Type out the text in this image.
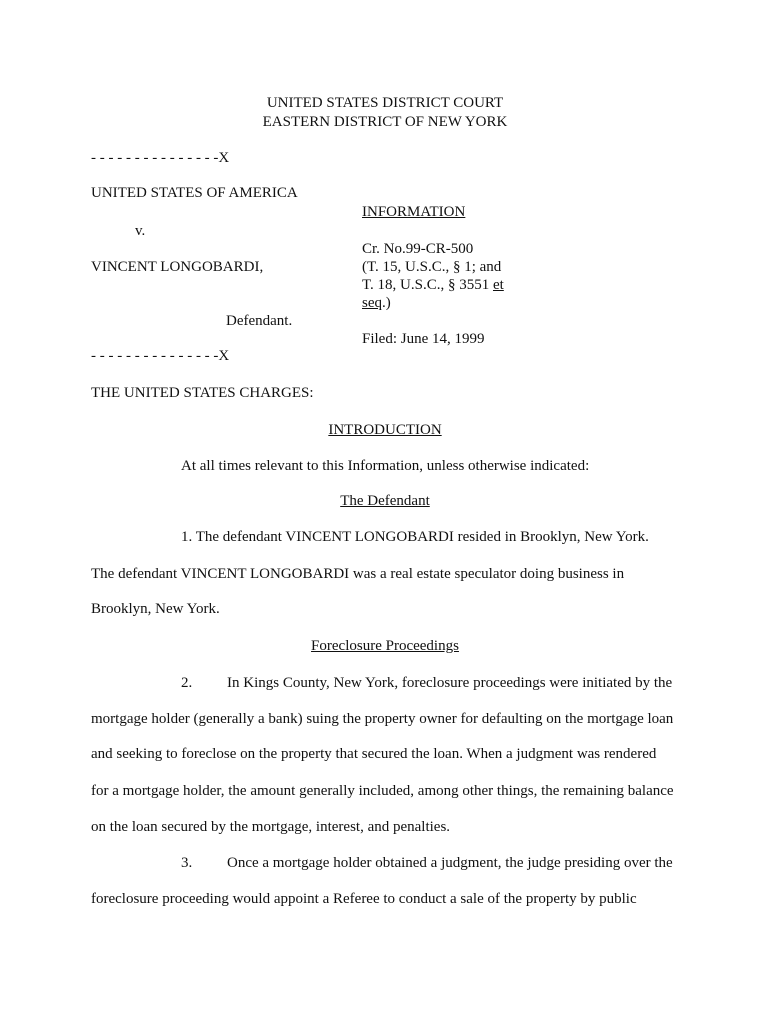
UNITED STATES DISTRICT COURT
EASTERN DISTRICT OF NEW YORK
- - - - - - - - - - - - - - -X
UNITED STATES OF AMERICA
v.
VINCENT LONGOBARDI,
Defendant.
- - - - - - - - - - - - - - -X
INFORMATION
Cr. No.99-CR-500
(T. 15, U.S.C., § 1; and
T. 18, U.S.C., § 3551 et
seq.)
Filed: June 14, 1999
THE UNITED STATES CHARGES:
INTRODUCTION
At all times relevant to this Information, unless otherwise indicated:
The Defendant
1. The defendant VINCENT LONGOBARDI resided in Brooklyn, New York.
The defendant VINCENT LONGOBARDI was a real estate speculator doing business in
Brooklyn, New York.
Foreclosure Proceedings
2. In Kings County, New York, foreclosure proceedings were initiated by the
mortgage holder (generally a bank) suing the property owner for defaulting on the mortgage loan
and seeking to foreclose on the property that secured the loan. When a judgment was rendered
for a mortgage holder, the amount generally included, among other things, the remaining balance
on the loan secured by the mortgage, interest, and penalties.
3. Once a mortgage holder obtained a judgment, the judge presiding over the
foreclosure proceeding would appoint a Referee to conduct a sale of the property by public
